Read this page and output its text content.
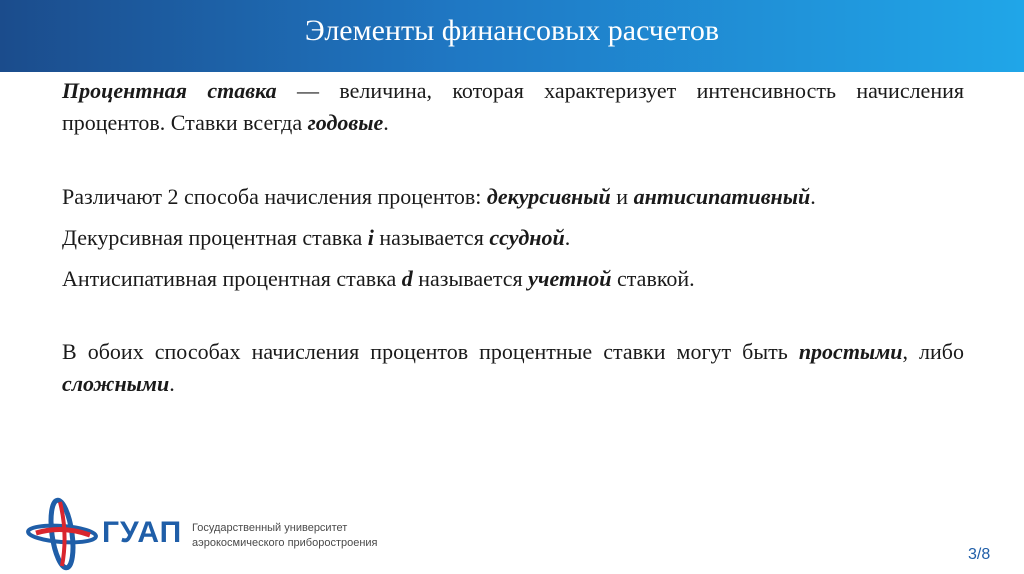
Элементы финансовых расчетов

Процентная ставка — величина, которая характеризует интенсивность начисления процентов. Ставки всегда годовые.

Различают 2 способа начисления процентов: декурсивный и антисипативный.

Декурсивная процентная ставка i называется ссудной.

Антисипативная процентная ставка d называется учетной ставкой.

В обоих способах начисления процентов процентные ставки могут быть простыми, либо сложными.

ГУАП Государственный университет
аэрокосмического приборостроения
3/8
